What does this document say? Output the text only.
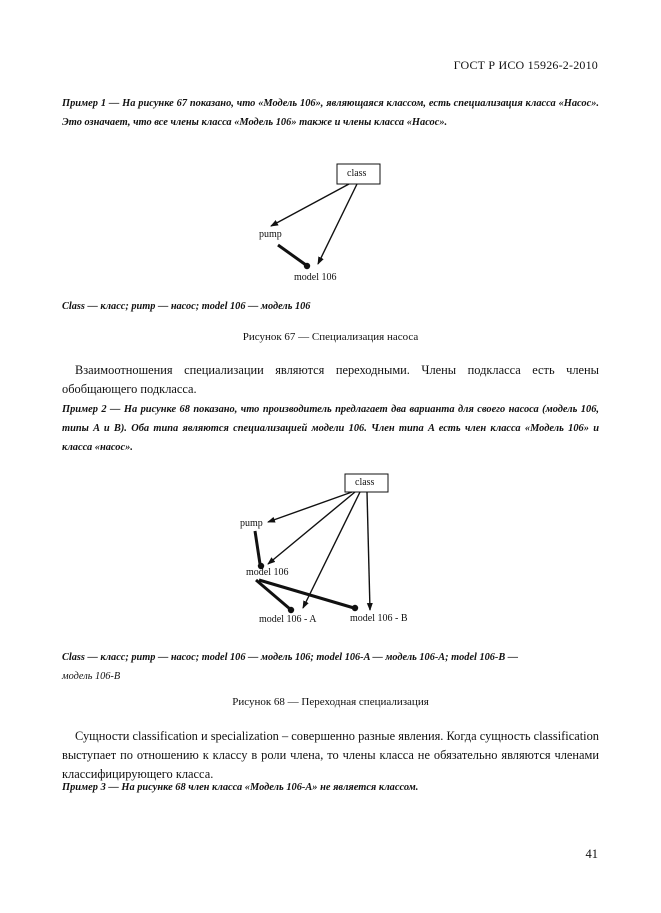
ГОСТ Р ИСО 15926-2-2010
Пример 1 — На рисунке 67 показано, что «Модель 106», являющаяся классом, есть специализация класса «Насос». Это означает, что все члены класса «Модель 106» также и члены класса «Насос».
class
pump
model 106
Class — класс; pump — насос; model 106 — модель 106
Рисунок 67 — Специализация насоса
Взаимоотношения специализации являются переходными. Члены подкласса есть члены обобщающего подкласса.
Пример 2 — На рисунке 68 показано, что производитель предлагает два варианта для своего насоса (модель 106, типы A и B). Оба типа являются специализацией модели 106. Член типа A есть член класса «Модель 106» и класса «насос».
class
pump
model 106
model 106 - A	model 106 - B
Class — класс; pump — насос; model 106 — модель 106; model 106-A — модель 106-A; model 106-B —
модель 106-B
Рисунок 68 — Переходная специализация
Сущности classification и specialization – совершенно разные явления. Когда сущность classification выступает по отношению к классу в роли члена, то члены класса не обязательно являются членами классифицирующего класса.
Пример 3 — На рисунке 68 член класса «Модель 106-A» не является классом.
41
